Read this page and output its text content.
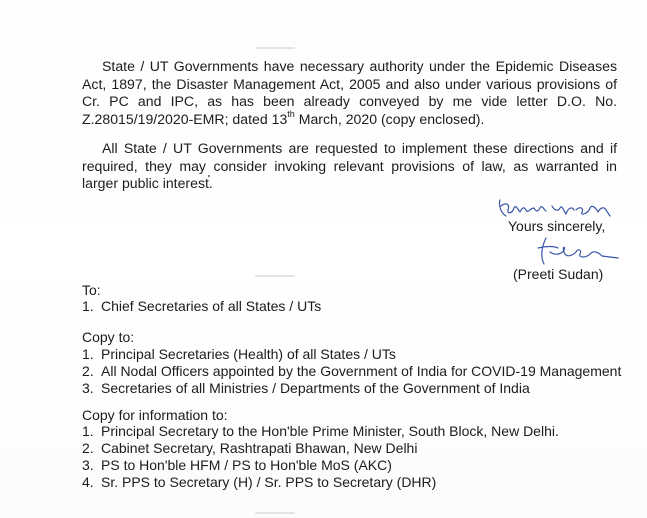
State / UT Governments have necessary authority under the Epidemic Diseases Act, 1897, the Disaster Management Act, 2005 and also under various provisions of Cr. PC and IPC, as has been already conveyed by me vide letter D.O. No. Z.28015/19/2020-EMR; dated 13th March, 2020 (copy enclosed).

All State / UT Governments are requested to implement these directions and if required, they may consider invoking relevant provisions of law, as warranted in larger public interest.

Yours sincerely,
(Preeti Sudan)
To:
1. Chief Secretaries of all States / UTs
Copy to:
1. Principal Secretaries (Health) of all States / UTs
2. All Nodal Officers appointed by the Government of India for COVID-19 Management
3. Secretaries of all Ministries / Departments of the Government of India
Copy for information to:
1. Principal Secretary to the Hon'ble Prime Minister, South Block, New Delhi.
2. Cabinet Secretary, Rashtrapati Bhawan, New Delhi
3. PS to Hon'ble HFM / PS to Hon'ble MoS (AKC)
4. Sr. PPS to Secretary (H) / Sr. PPS to Secretary (DHR)
